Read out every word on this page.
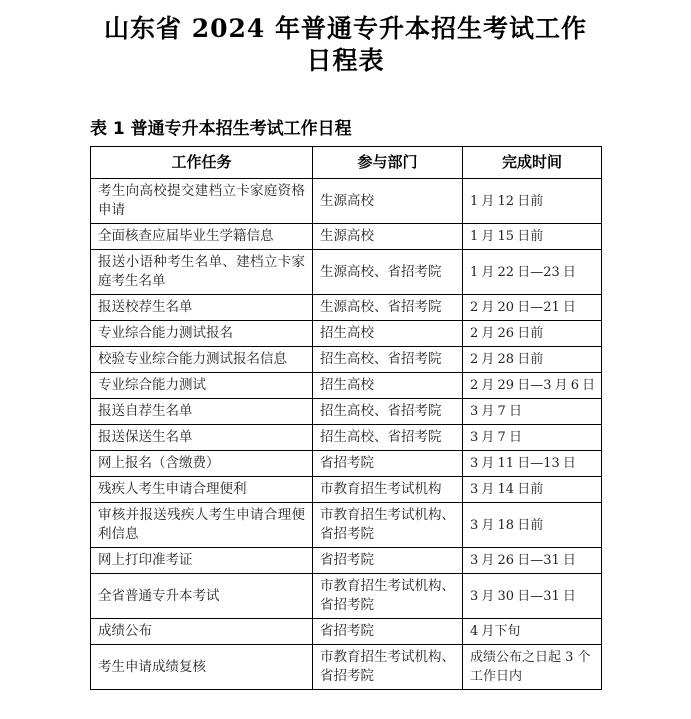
山东省 2024 年普通专升本招生考试工作
日程表
表 1 普通专升本招生考试工作日程
工作任务	参与部门	完成时间
考生向高校提交建档立卡家庭资格申请	生源高校	1 月 12 日前
全面核查应届毕业生学籍信息	生源高校	1 月 15 日前
报送小语种考生名单、建档立卡家庭考生名单	生源高校、省招考院	1 月 22 日—23 日
报送校荐生名单	生源高校、省招考院	2 月 20 日—21 日
专业综合能力测试报名	招生高校	2 月 26 日前
校验专业综合能力测试报名信息	招生高校、省招考院	2 月 28 日前
专业综合能力测试	招生高校	2 月 29 日—3 月 6 日
报送自荐生名单	招生高校、省招考院	3 月 7 日
报送保送生名单	招生高校、省招考院	3 月 7 日
网上报名（含缴费）	省招考院	3 月 11 日—13 日
残疾人考生申请合理便利	市教育招生考试机构	3 月 14 日前
审核并报送残疾人考生申请合理便利信息	市教育招生考试机构、省招考院	3 月 18 日前
网上打印准考证	省招考院	3 月 26 日—31 日
全省普通专升本考试	市教育招生考试机构、省招考院	3 月 30 日—31 日
成绩公布	省招考院	4 月下旬
考生申请成绩复核	市教育招生考试机构、省招考院	成绩公布之日起 3 个工作日内
